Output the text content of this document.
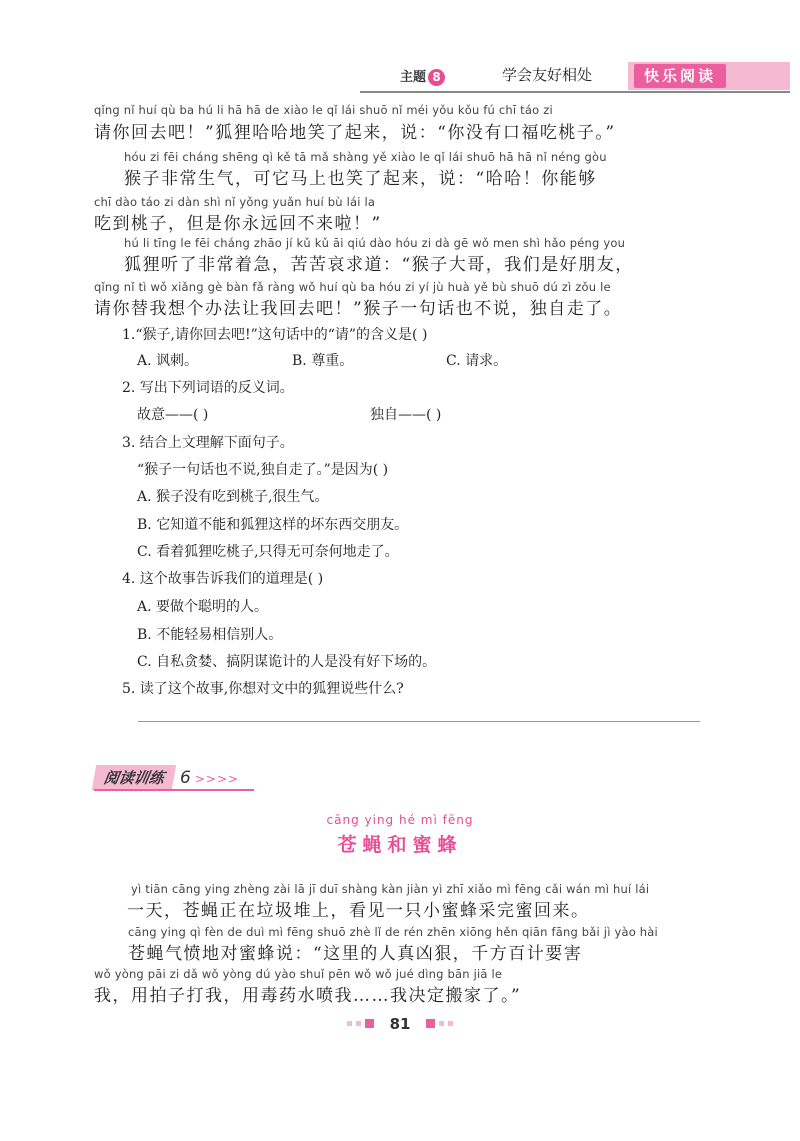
主题 8	学会友好相处	快乐阅读
qǐng nǐ huí qù ba hú li hā hā de xiào le qǐ lái shuō nǐ méi yǒu kǒu fú chī táo zi
请你回去吧！”狐狸哈哈地笑了起来，说：“你没有口福吃桃子。”
hóu zi fēi cháng shēng qì kě tā mǎ shàng yě xiào le qǐ lái shuō hā hā nǐ néng gòu
猴子非常生气，可它马上也笑了起来，说：“哈哈！你能够
chī dào táo zi dàn shì nǐ yǒng yuǎn huí bù lái la
吃到桃子，但是你永远回不来啦！”
hú li tīng le fēi cháng zhāo jí kǔ kǔ āi qiú dào hóu zi dà gē wǒ men shì hǎo péng you
狐狸听了非常着急，苦苦哀求道：“猴子大哥，我们是好朋友，
qǐng nǐ tì wǒ xiǎng gè bàn fǎ ràng wǒ huí qù ba hóu zi yí jù huà yě bù shuō dú zì zǒu le
请你替我想个办法让我回去吧！”猴子一句话也不说，独自走了。
1.“猴子,请你回去吧!”这句话中的“请”的含义是( )
A. 讽刺。	B. 尊重。	C. 请求。
2. 写出下列词语的反义词。
故意——( )	独自——( )
3. 结合上文理解下面句子。
“猴子一句话也不说,独自走了。”是因为( )
A. 猴子没有吃到桃子,很生气。
B. 它知道不能和狐狸这样的坏东西交朋友。
C. 看着狐狸吃桃子,只得无可奈何地走了。
4. 这个故事告诉我们的道理是( )
A. 要做个聪明的人。
B. 不能轻易相信别人。
C. 自私贪婪、搞阴谋诡计的人是没有好下场的。
5. 读了这个故事,你想对文中的狐狸说些什么?
阅读训练 6 >>>>
cāng ying hé mì fēng
苍蝇和蜜蜂
yì tiān cāng ying zhèng zài lā jī duī shàng kàn jiàn yì zhī xiǎo mì fēng cǎi wán mì huí lái
一天，苍蝇正在垃圾堆上，看见一只小蜜蜂采完蜜回来。
cāng ying qì fèn de duì mì fēng shuō zhè lǐ de rén zhēn xiōng hěn qiān fāng bǎi jì yào hài
苍蝇气愤地对蜜蜂说：“这里的人真凶狠，千方百计要害
wǒ yòng pāi zi dǎ wǒ yòng dú yào shuǐ pēn wǒ wǒ jué dìng bān jiā le
我，用拍子打我，用毒药水喷我……我决定搬家了。”
81
